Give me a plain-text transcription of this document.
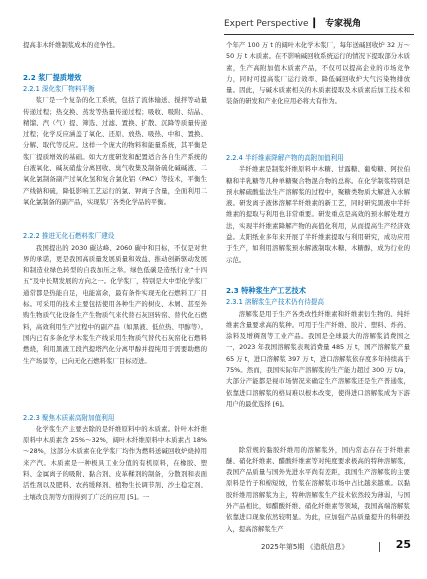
Expert Perspective ▎ 专家视角

提高非木纤维制浆成本的竞争性。

2.2 浆厂提质增效

2.2.1 深化浆厂物料平衡

浆厂是一个复杂的化工系统，包括了流体输送、搅拌等动量传递过程；热交换、蒸发等热量传递过程；吸收、吸附、结晶、精馏、汽（气）提、筛选、过滤、置换、扩散、沉降等质量传递过程；化学反应涵盖了氧化、还原、放热、吸热、中和、置换、分解、取代等反应。这样一个庞大的物料和能量系统，其平衡是浆厂提质增效的基础。如大方度研发和配置适合各自生产系统的白液氧化、碱灰硝盐分离回收、臭气收集及制备硫化碱碱液、二氧化氯制备副产过氧化氢和复合氯化铝（PAC）等技术，平衡生产线钠和硫，降低影响工艺运行的氯、钾离子含量，全面利用二氧化氯制备的副产品，实现浆厂各类化学品的平衡。

2.2.2 推进无化石燃料浆厂建设

我国提出的 2030 碳达峰、2060 碳中和目标，不仅是对世界的承诺，更是我国高质量发展质量和效益、推动创新驱动发展和制造业绿色转型的自我加压之举。绿色低碳是造纸行业“十四五”及中长期发展的方向之一。化学浆厂，特别是大中型化学浆厂通常都是热能自足，电能富余，最有条件实现无化石燃料工厂目标。可采用的技术主要包括使用各种生产的树皮、木屑、甚至外购生物质气化设备生产生物质气来代替石灰回转窑、替代化石燃料，高效利用生产过程中的副产品（如黑液、低位热、甲醇等）。国内已有多条化学木浆生产线采用生物质气替代石灰窑化石燃料燃烧，利用黑液工段汽提塔汽化分离甲醇并提纯用于需要助燃的生产场景等，已向无化石燃料浆厂目标迈进。

2.2.3 聚焦木质素高附加值利用

化学浆生产主要去除的是纤维原料中的木质素。针叶木纤维原料中木质素含 25%～32%，阔叶木纤维原料中木质素占 18%～28%，这部分木质素在化学浆厂均作为燃料送碱回收炉烧掉用来产汽。木质素是一种极具工业分值的有机原料，在橡胶、塑料、金属离子的吸附、黏合剂、皮革鞣剂的制备，分散剂和表面活性剂以及肥料、农药缓释剂、植物生长调节剂、沙土稳定剂、土壤改良剂等方面得到了广泛的应用 [5]。一

个年产 100 万 t 的阔叶木化学木浆厂，每年送碱回收炉 32 万～50 万 t 木质素。在不影响碱回收系统运行的情况下提取部分木质素，生产高附加值木质素产品，不仅可以提高企业的市场竞争力，同时可提高浆厂运行效率、降低碱回收炉大气污染物排放量。因此，与碱木质素相关的木质素提取及木质素后加工技术和装备的研发和产业化应用必将大有作为。

2.2.4 半纤维素降解产物的高附加值利用

半纤维素是制浆纤维原料中木糖、甘露糖、葡萄糖、阿拉伯糖和半乳糖等几种单糖聚合物混合物的总称。在化学制浆特别是预水解硫酸盐法生产溶解浆的过程中，聚糖类物质大解进入水解液。研发离子液体溶解半纤维素的新工艺，同时研究黑液中半纤维素的提取与利用也非常重要。研发重点是高效的预水解处理方法，实现半纤维素降解产物的高值化利用，从而提高生产经济效益。太阳纸业多年来开展了半纤维素提取与利用研究，成功应用于生产，如利用溶解浆预水解液制取木糖、木糖醇，成为行业的示范。

2.3 特种浆生产工艺技术

2.3.1 溶解浆生产技术仍有待提高

溶解浆是用于生产各类改性纤维素和纤维素衍生物的、纯纤维素含量要求高的浆种。可用于生产纤维、胶片、塑料、炸药、涂料及增稠剂等工业产品。我国是全球最大的溶解浆消费国之一，2023 年我国溶解浆表观消费量 485 万 t，国产溶解浆产量 65 万 t，进口溶解浆 397 万 t，进口溶解浆依存度多年持续高于 75%。然而，我国实际年产溶解浆的生产能力超过 300 万 t/a，大部分产能都是视市场情况来确定生产溶解浆还是生产普通浆，依靠进口溶解浆的格局难以根本改变，使得进口溶解浆成为下游用户的最优选择 [6]。

除常规的黏胶纤维用的溶解浆外，国内常态存在于纤维素醚、硝化纤维素、醋酸纤维素等对纯度要求极高的特种溶解浆，我国产品质量与国外先进水平尚有差距，我国生产溶解浆的主要原料是竹子和棉短绒，竹浆在溶解浆市场中占比越来越重。以黏胶纤维用溶解浆为主，特种溶解浆生产技术依然较为薄弱，与国外产品相比，如醋酸纤维、硝化纤维素等领域，我国高端溶解浆依靠进口现象依然较明显。为此，应加强产品质量提升的科研投入，提高溶解浆生产

2025年第5期 《造纸信息》	25
